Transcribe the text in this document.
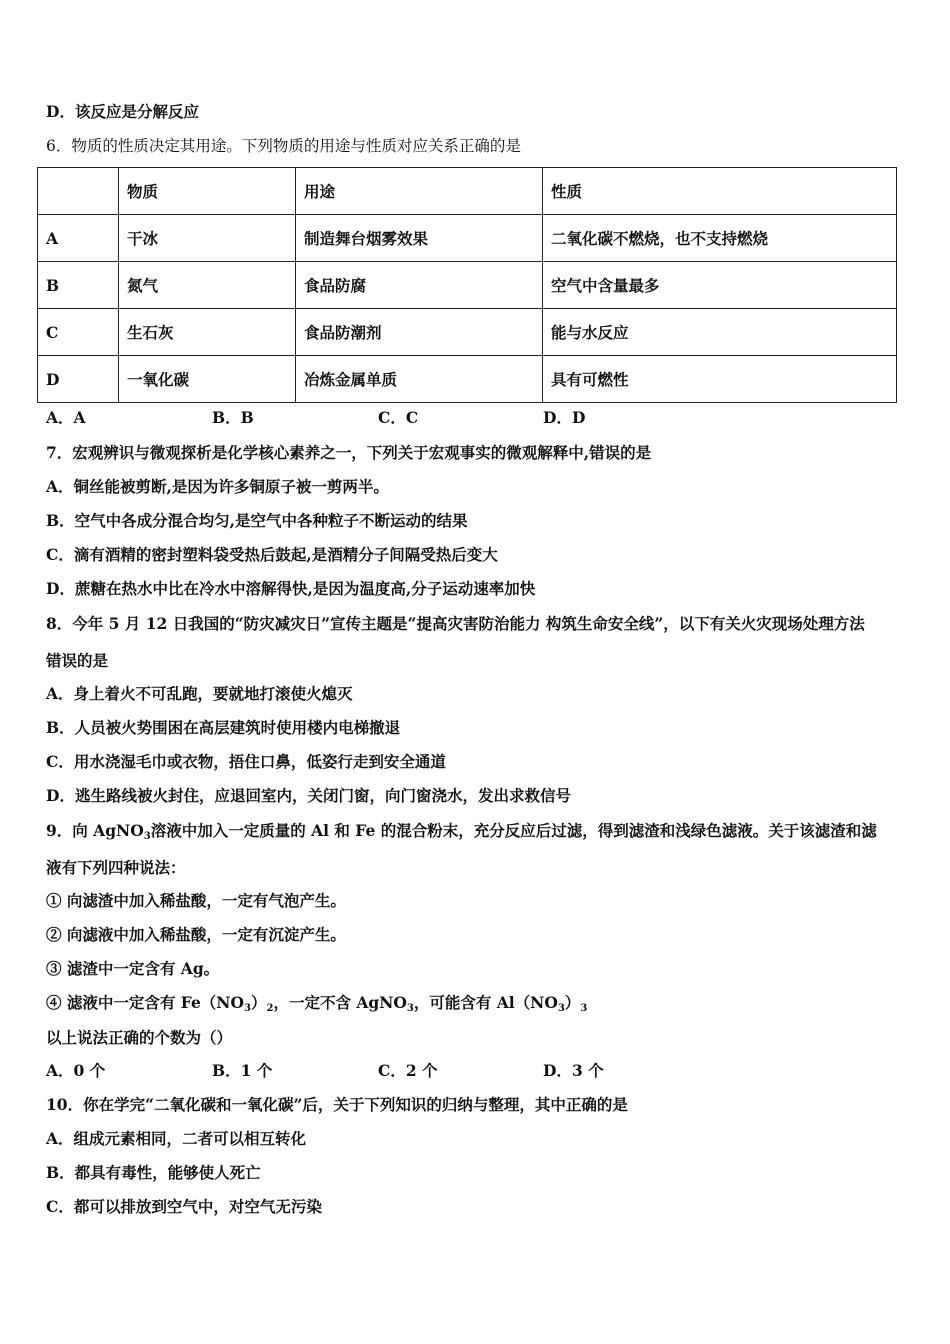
D．该反应是分解反应
6．物质的性质决定其用途。下列物质的用途与性质对应关系正确的是
	物质	用途	性质
A	干冰	制造舞台烟雾效果	二氧化碳不燃烧，也不支持燃烧
B	氮气	食品防腐	空气中含量最多
C	生石灰	食品防潮剂	能与水反应
D	一氧化碳	冶炼金属单质	具有可燃性
A．A	B．B	C．C	D．D
7．宏观辨识与微观探析是化学核心素养之一，下列关于宏观事实的微观解释中,错误的是
A．铜丝能被剪断,是因为许多铜原子被一剪两半。
B．空气中各成分混合均匀,是空气中各种粒子不断运动的结果
C．滴有酒精的密封塑料袋受热后鼓起,是酒精分子间隔受热后变大
D．蔗糖在热水中比在冷水中溶解得快,是因为温度高,分子运动速率加快
8．今年 5 月 12 日我国的“防灾减灾日”宣传主题是“提高灾害防治能力 构筑生命安全线”，以下有关火灾现场处理方法
错误的是
A．身上着火不可乱跑，要就地打滚使火熄灭
B．人员被火势围困在高层建筑时使用楼内电梯撤退
C．用水浇湿毛巾或衣物，捂住口鼻，低姿行走到安全通道
D．逃生路线被火封住，应退回室内，关闭门窗，向门窗浇水，发出求救信号
9．向 AgNO$_3$溶液中加入一定质量的 Al 和 Fe 的混合粉末，充分反应后过滤，得到滤渣和浅绿色滤液。关于该滤渣和滤
液有下列四种说法：
① 向滤渣中加入稀盐酸，一定有气泡产生。
② 向滤液中加入稀盐酸，一定有沉淀产生。
③ 滤渣中一定含有 Ag。
④ 滤液中一定含有 $Fe(NO_3)_2$，一定不含 AgNO$_3$，可能含有 $Al(NO_3)_3$
以上说法正确的个数为（）
A．0 个	B．1 个	C．2 个	D．3 个
10．你在学完“二氧化碳和一氧化碳”后，关于下列知识的归纳与整理，其中正确的是
A．组成元素相同，二者可以相互转化
B．都具有毒性，能够使人死亡
C．都可以排放到空气中，对空气无污染
